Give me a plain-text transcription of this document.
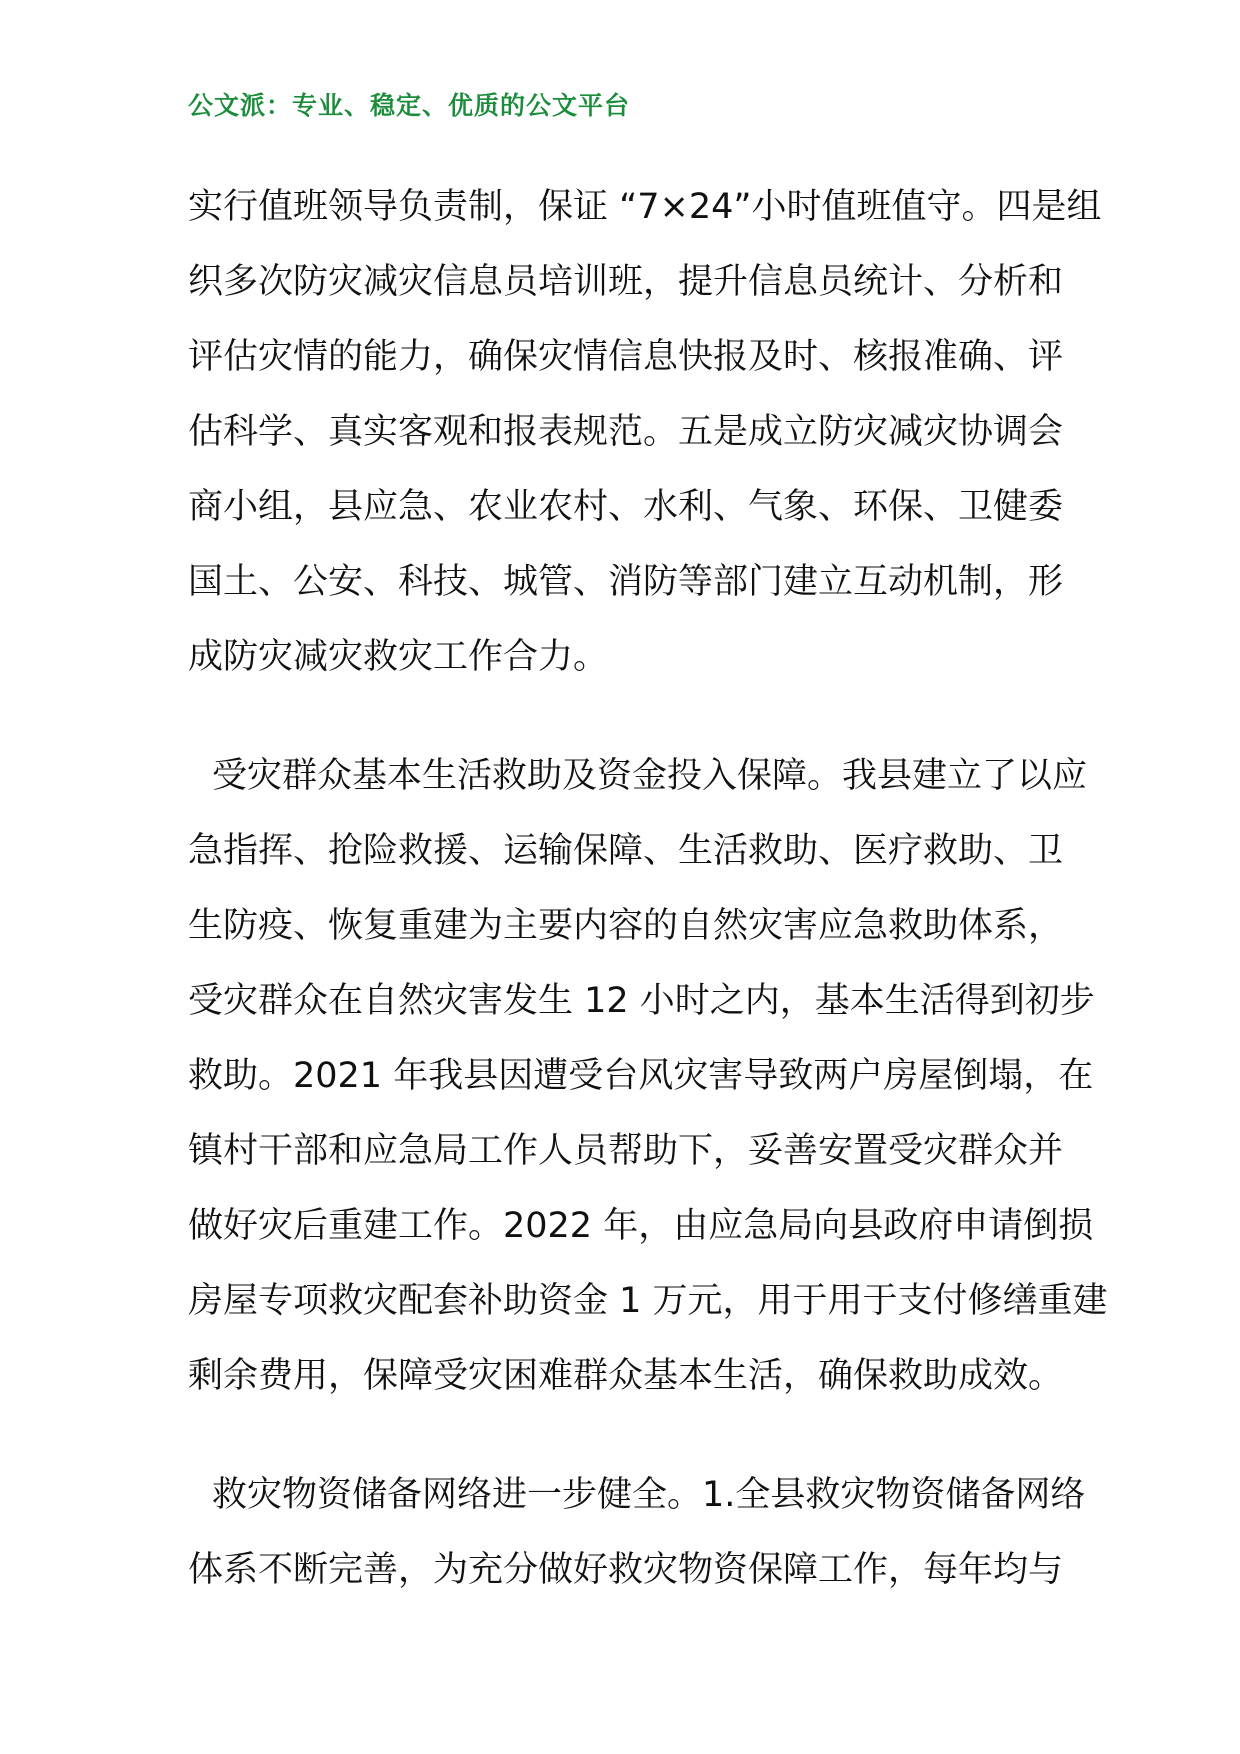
公文派：专业、稳定、优质的公文平台
实行值班领导负责制，保证 “7×24”小时值班值守。四是组
织多次防灾减灾信息员培训班，提升信息员统计、分析和
评估灾情的能力，确保灾情信息快报及时、核报准确、评
估科学、真实客观和报表规范。五是成立防灾减灾协调会
商小组，县应急、农业农村、水利、气象、环保、卫健委
国土、公安、科技、城管、消防等部门建立互动机制，形
成防灾减灾救灾工作合力。
受灾群众基本生活救助及资金投入保障。我县建立了以应
急指挥、抢险救援、运输保障、生活救助、医疗救助、卫
生防疫、恢复重建为主要内容的自然灾害应急救助体系，
受灾群众在自然灾害发生 12 小时之内，基本生活得到初步
救助。2021 年我县因遭受台风灾害导致两户房屋倒塌，在
镇村干部和应急局工作人员帮助下，妥善安置受灾群众并
做好灾后重建工作。2022 年，由应急局向县政府申请倒损
房屋专项救灾配套补助资金 1 万元，用于用于支付修缮重建
剩余费用，保障受灾困难群众基本生活，确保救助成效。
救灾物资储备网络进一步健全。1.全县救灾物资储备网络
体系不断完善，为充分做好救灾物资保障工作，每年均与
